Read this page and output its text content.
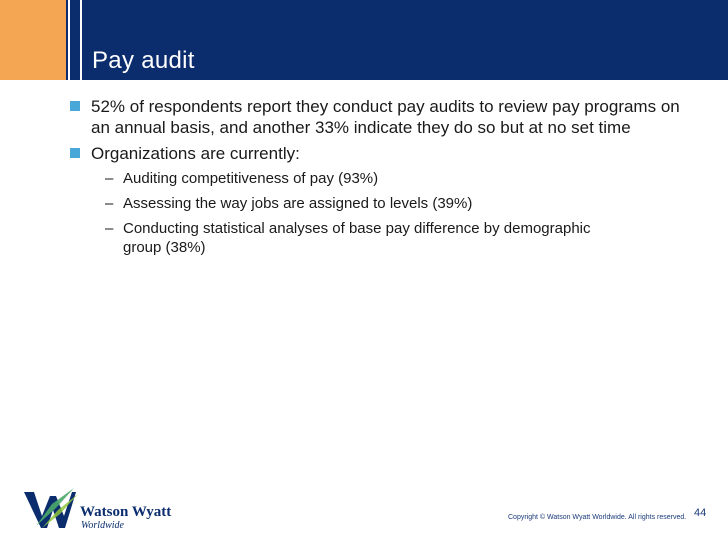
Pay audit
52% of respondents report they conduct pay audits to review pay programs on an annual basis, and another 33% indicate they do so but at no set time
Organizations are currently:
– Auditing competitiveness of pay (93%)
– Assessing the way jobs are assigned to levels (39%)
– Conducting statistical analyses of base pay difference by demographic group (38%)
Watson Wyatt
Worldwide
Copyright © Watson Wyatt Worldwide. All rights reserved. 44
